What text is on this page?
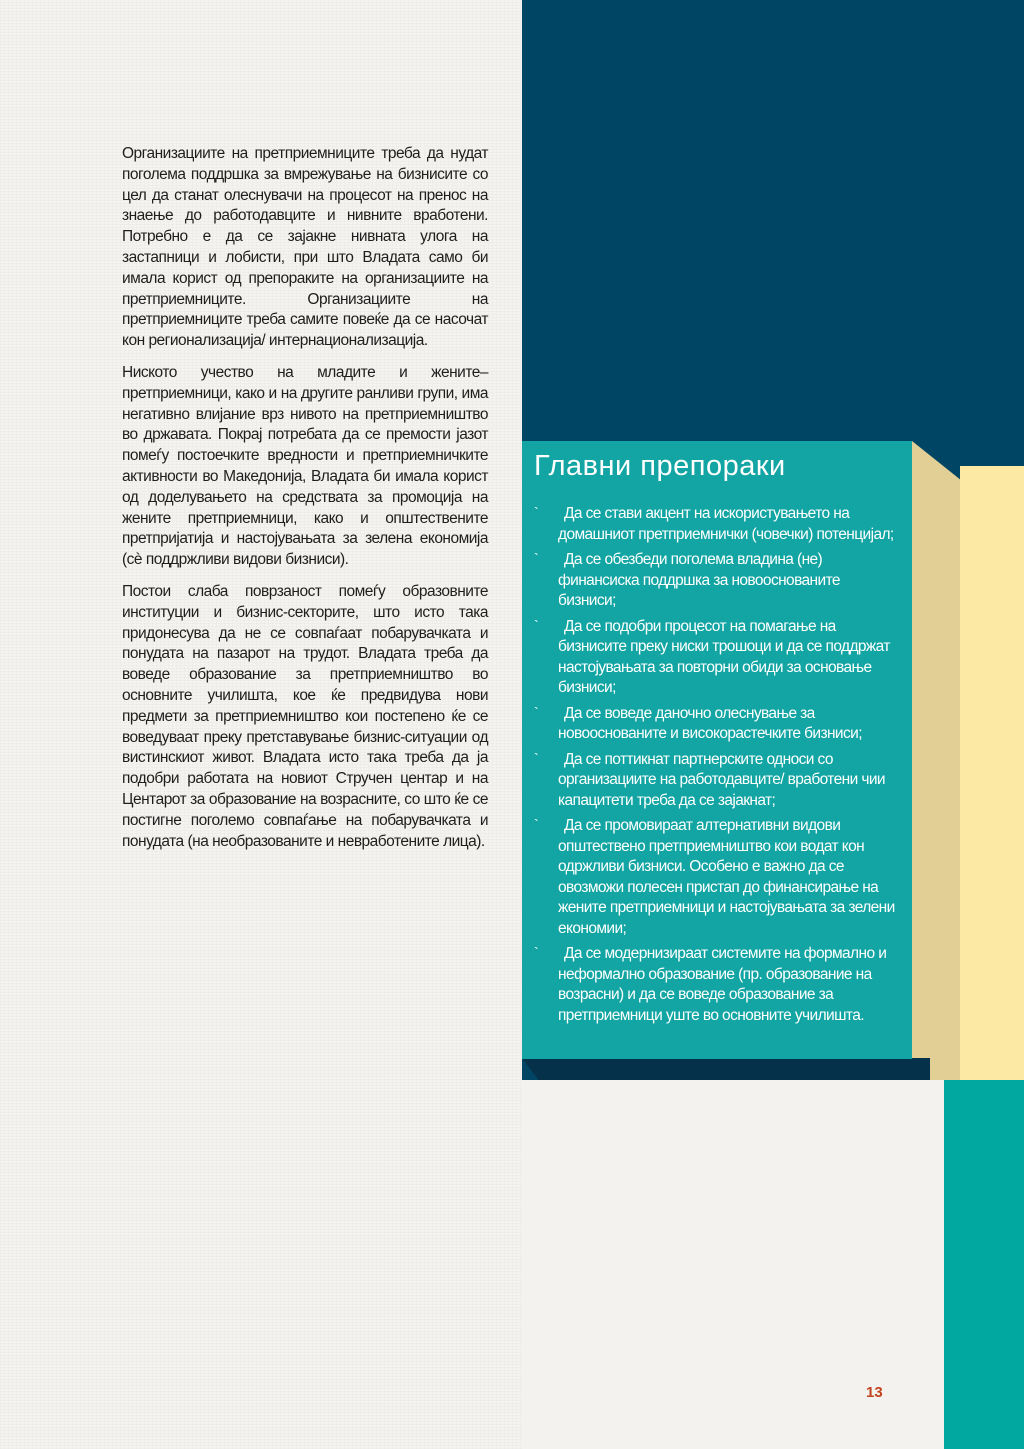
Организациите на претприемниците треба да нудат поголема поддршка за вмрежување на бизнисите со цел да станат олеснувачи на процесот на пренос на знаење до работодавците и нивните вработени. Потребно е да се зајакне нивната улога на застапници и лобисти, при што Владата само би имала корист од препораките на организациите на претприемниците. Организациите на претприемниците треба самите повеќе да се насочат кон регионализација/ интернационализација.

Ниското учество на младите и жените–претприемници, како и на другите ранливи групи, има негативно влијание врз нивото на претприемништво во државата. Покрај потребата да се премости јазот помеѓу постоечките вредности и претприемничките активности во Македонија, Владата би имала корист од доделувањето на средствата за промоција на жените претприемници, како и општествените претпријатија и настојувањата за зелена економија (сè поддржливи видови бизниси).

Постои слаба поврзаност помеѓу образовните институции и бизнис-секторите, што исто така придонесува да не се совпаѓаат побарувачката и понудата на пазарот на трудот. Владата треба да воведе образование за претприемништво во основните училишта, кое ќе предвидува нови предмети за претприемништво кои постепено ќе се воведуваат преку претставување бизнис-ситуации од вистинскиот живот. Владата исто така треба да ја подобри работата на новиот Стручен центар и на Центарот за образование на возрасните, со што ќе се постигне поголемо совпаѓање на побарувачката и понудата (на необразованите и невработените лица).

Главни препораки
`	Да се стави акцент на искористувањето на домашниот претприемнички (човечки) потенцијал;
`	Да се обезбеди поголема владина (не) финансиска поддршка за новооснованите бизниси;
`	Да се подобри процесот на помагање на бизнисите преку ниски трошоци и да се поддржат настојувањата за повторни обиди за основање бизниси;
`	Да се воведе даночно олеснување за новооснованите и високорастечките бизниси;
`	Да се поттикнат партнерските односи со организациите на работодавците/ вработени чии капацитети треба да се зајакнат;
`	Да се промовираат алтернативни видови општествено претприемништво кои водат кон одржливи бизниси. Особено е важно да се овозможи полесен пристап до финансирање на жените претприемници и настојувањата за зелени економии;
`	Да се модернизираат системите на формално и неформално образование (пр. образование на возрасни) и да се воведе образование за претприемници уште во основните училишта.
13
